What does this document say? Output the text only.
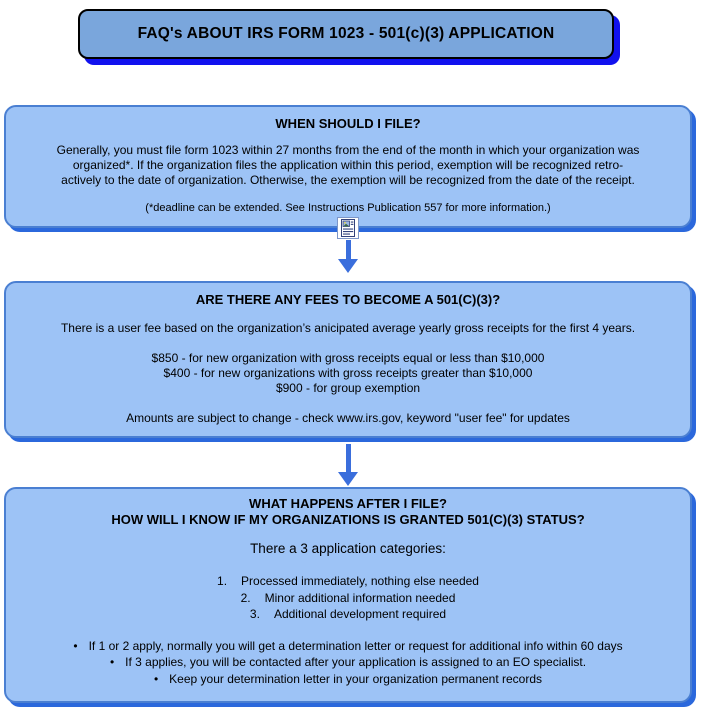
FAQ's ABOUT IRS FORM 1023 - 501(c)(3) APPLICATION
WHEN SHOULD I FILE?
Generally, you must file form 1023 within 27 months from the end of the month in which your organization was
organized*. If the organization files the application within this period, exemption will be recognized retro-
actively to the date of organization. Otherwise, the exemption will be recognized from the date of the receipt.
(*deadline can be extended. See Instructions Publication 557 for more information.)
ARE THERE ANY FEES TO BECOME A 501(C)(3)?
There is a user fee based on the organization’s anicipated average yearly gross receipts for the first 4 years.
$850 - for new organization with gross receipts equal or less than $10,000
$400 - for new organizations with gross receipts greater than $10,000
$900 - for group exemption
Amounts are subject to change - check www.irs.gov, keyword "user fee" for updates
WHAT HAPPENS AFTER I FILE?
HOW WILL I KNOW IF MY ORGANIZATIONS IS GRANTED 501(C)(3) STATUS?
There a 3 application categories:
1. Processed immediately, nothing else needed
2. Minor additional information needed
3. Additional development required
• If 1 or 2 apply, normally you will get a determination letter or request for additional info within 60 days
• If 3 applies, you will be contacted after your application is assigned to an EO specialist.
• Keep your determination letter in your organization permanent records
